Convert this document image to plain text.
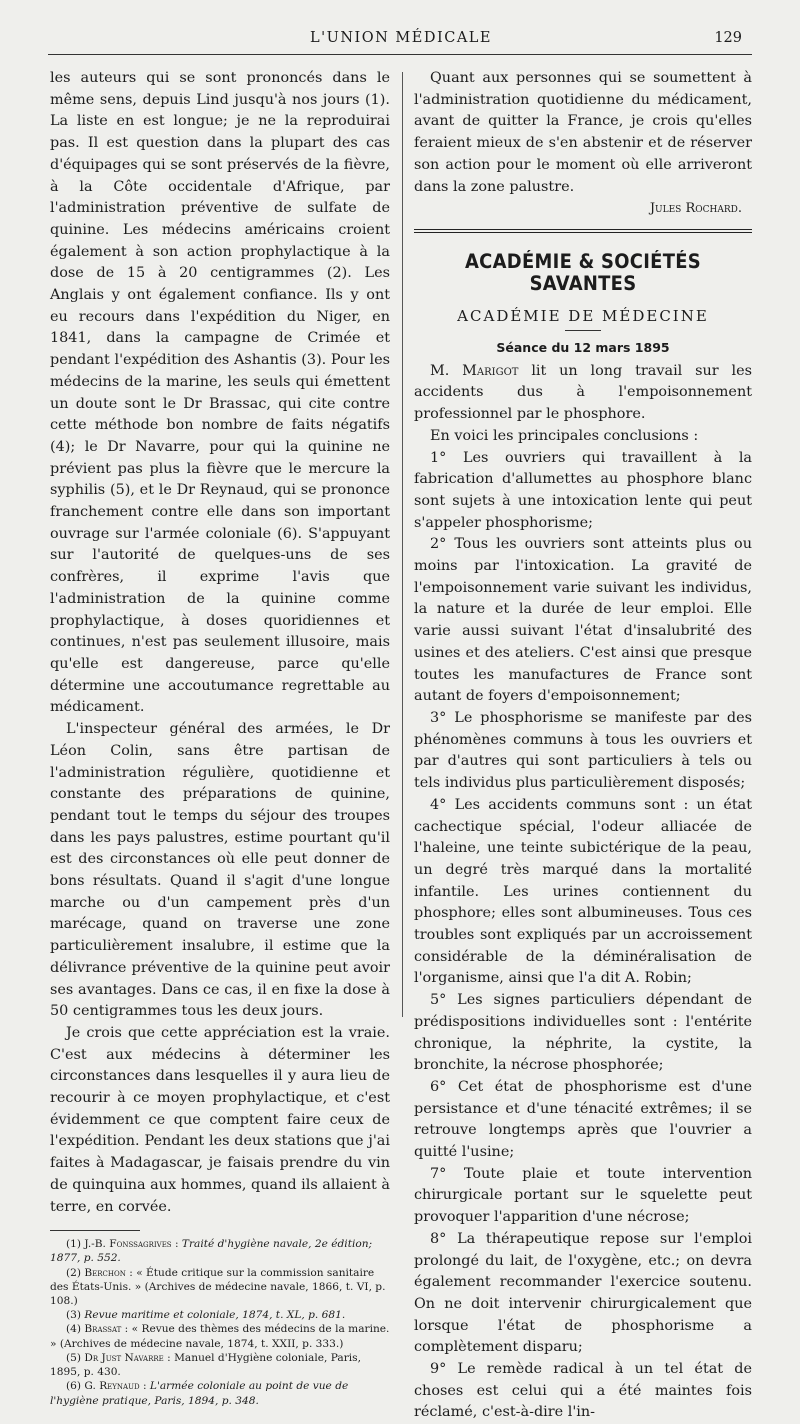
L'UNION MÉDICALE	129

les auteurs qui se sont prononcés dans le même sens, depuis Lind jusqu'à nos jours (1). La liste en est longue; je ne la reproduirai pas. Il est question dans la plupart des cas d'équipages qui se sont préservés de la fièvre, à la Côte occidentale d'Afrique, par l'administration préventive de sulfate de quinine. Les médecins américains croient également à son action prophylactique à la dose de 15 à 20 centigrammes (2). Les Anglais y ont également confiance. Ils y ont eu recours dans l'expédition du Niger, en 1841, dans la campagne de Crimée et pendant l'expédition des Ashantis (3). Pour les médecins de la marine, les seuls qui émettent un doute sont le Dr Brassac, qui cite contre cette méthode bon nombre de faits négatifs (4); le Dr Navarre, pour qui la quinine ne prévient pas plus la fièvre que le mercure la syphilis (5), et le Dr Reynaud, qui se prononce franchement contre elle dans son important ouvrage sur l'armée coloniale (6). S'appuyant sur l'autorité de quelques-uns de ses confrères, il exprime l'avis que l'administration de la quinine comme prophylactique, à doses quoridiennes et continues, n'est pas seulement illusoire, mais qu'elle est dangereuse, parce qu'elle détermine une accoutumance regrettable au médicament.

L'inspecteur général des armées, le Dr Léon Colin, sans être partisan de l'administration régulière, quotidienne et constante des préparations de quinine, pendant tout le temps du séjour des troupes dans les pays palustres, estime pourtant qu'il est des circonstances où elle peut donner de bons résultats. Quand il s'agit d'une longue marche ou d'un campement près d'un marécage, quand on traverse une zone particulièrement insalubre, il estime que la délivrance préventive de la quinine peut avoir ses avantages. Dans ce cas, il en fixe la dose à 50 centigrammes tous les deux jours.

Je crois que cette appréciation est la vraie. C'est aux médecins à déterminer les circonstances dans lesquelles il y aura lieu de recourir à ce moyen prophylactique, et c'est évidemment ce que comptent faire ceux de l'expédition. Pendant les deux stations que j'ai faites à Madagascar, je faisais prendre du vin de quinquina aux hommes, quand ils allaient à terre, en corvée.

(1) J.-B. Fonssagrives : Traité d'hygiène navale, 2e édition; 1877, p. 552.

(2) Berchon : « Étude critique sur la commission sanitaire des États-Unis. » (Archives de médecine navale, 1866, t. VI, p. 108.)

(3) Revue maritime et coloniale, 1874, t. XL, p. 681.

(4) Brassat : « Revue des thèmes des médecins de la marine. » (Archives de médecine navale, 1874, t. XXII, p. 333.)

(5) Dr Just Navarre : Manuel d'Hygiène coloniale, Paris, 1895, p. 430.

(6) G. Reynaud : L'armée coloniale au point de vue de l'hygiène pratique, Paris, 1894, p. 348.

Quant aux personnes qui se soumettent à l'administration quotidienne du médicament, avant de quitter la France, je crois qu'elles feraient mieux de s'en abstenir et de réserver son action pour le moment où elle arriveront dans la zone palustre.

Jules Rochard.

ACADÉMIE & SOCIÉTÉS SAVANTES
ACADÉMIE DE MÉDECINE
Séance du 12 mars 1895

M. Marigot lit un long travail sur les accidents dus à l'empoisonnement professionnel par le phosphore.

En voici les principales conclusions :

1° Les ouvriers qui travaillent à la fabrication d'allumettes au phosphore blanc sont sujets à une intoxication lente qui peut s'appeler phosphorisme;

2° Tous les ouvriers sont atteints plus ou moins par l'intoxication. La gravité de l'empoisonnement varie suivant les individus, la nature et la durée de leur emploi. Elle varie aussi suivant l'état d'insalubrité des usines et des ateliers. C'est ainsi que presque toutes les manufactures de France sont autant de foyers d'empoisonnement;

3° Le phosphorisme se manifeste par des phénomènes communs à tous les ouvriers et par d'autres qui sont particuliers à tels ou tels individus plus particulièrement disposés;

4° Les accidents communs sont : un état cachectique spécial, l'odeur alliacée de l'haleine, une teinte subictérique de la peau, un degré très marqué dans la mortalité infantile. Les urines contiennent du phosphore; elles sont albumineuses. Tous ces troubles sont expliqués par un accroissement considérable de la déminéralisation de l'organisme, ainsi que l'a dit A. Robin;

5° Les signes particuliers dépendant de prédispositions individuelles sont : l'entérite chronique, la néphrite, la cystite, la bronchite, la nécrose phosphorée;

6° Cet état de phosphorisme est d'une persistance et d'une ténacité extrêmes; il se retrouve longtemps après que l'ouvrier a quitté l'usine;

7° Toute plaie et toute intervention chirurgicale portant sur le squelette peut provoquer l'apparition d'une nécrose;

8° La thérapeutique repose sur l'emploi prolongé du lait, de l'oxygène, etc.; on devra également recommander l'exercice soutenu. On ne doit intervenir chirurgicalement que lorsque l'état de phosphorisme a complètement disparu;

9° Le remède radical à un tel état de choses est celui qui a été maintes fois réclamé, c'est-à-dire l'in-
